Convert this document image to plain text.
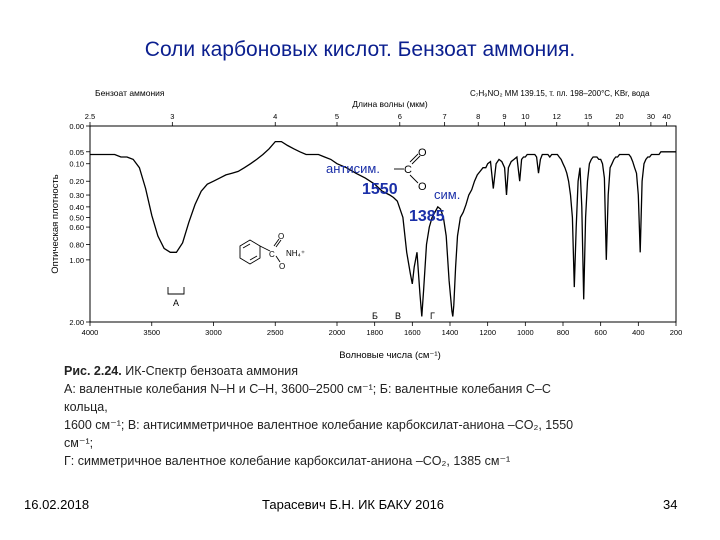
Соли карбоновых кислот. Бензоат аммония.
Бензоат аммония	C₇H₉NO₂ MM 139.15, т. пл. 198–200°С, KBr, вода
Длина волны (мкм)
2.5	3	4	5	6	7	8	9 10	12	15	20	30 40
4000	3500	3000	2500	2000	1800	1600	1400	1200	1000	800	600	400	200
0.00
0.05
0.10
0.20
0.30
0.40
0.50
0.60
0.80
1.00
2.00
Оптическая плотность
Волновые числа (см⁻¹)
А
Б В	Г
антисим.
1550	сим.
1385
C
O
O
C
O
O
NH₄⁺
Рис. 2.24. ИК-Спектр бензоата аммония
А: валентные колебания N–H и C–H, 3600–2500 см⁻¹; Б: валентные колебания С–С кольца,
1600 см⁻¹; В: антисимметричное валентное колебание карбоксилат-аниона –CO₂, 1550 см⁻¹;
Г: симметричное валентное колебание карбоксилат-аниона –CO₂, 1385 см⁻¹
16.02.2018	Тарасевич Б.Н. ИК БАКУ 2016	34
